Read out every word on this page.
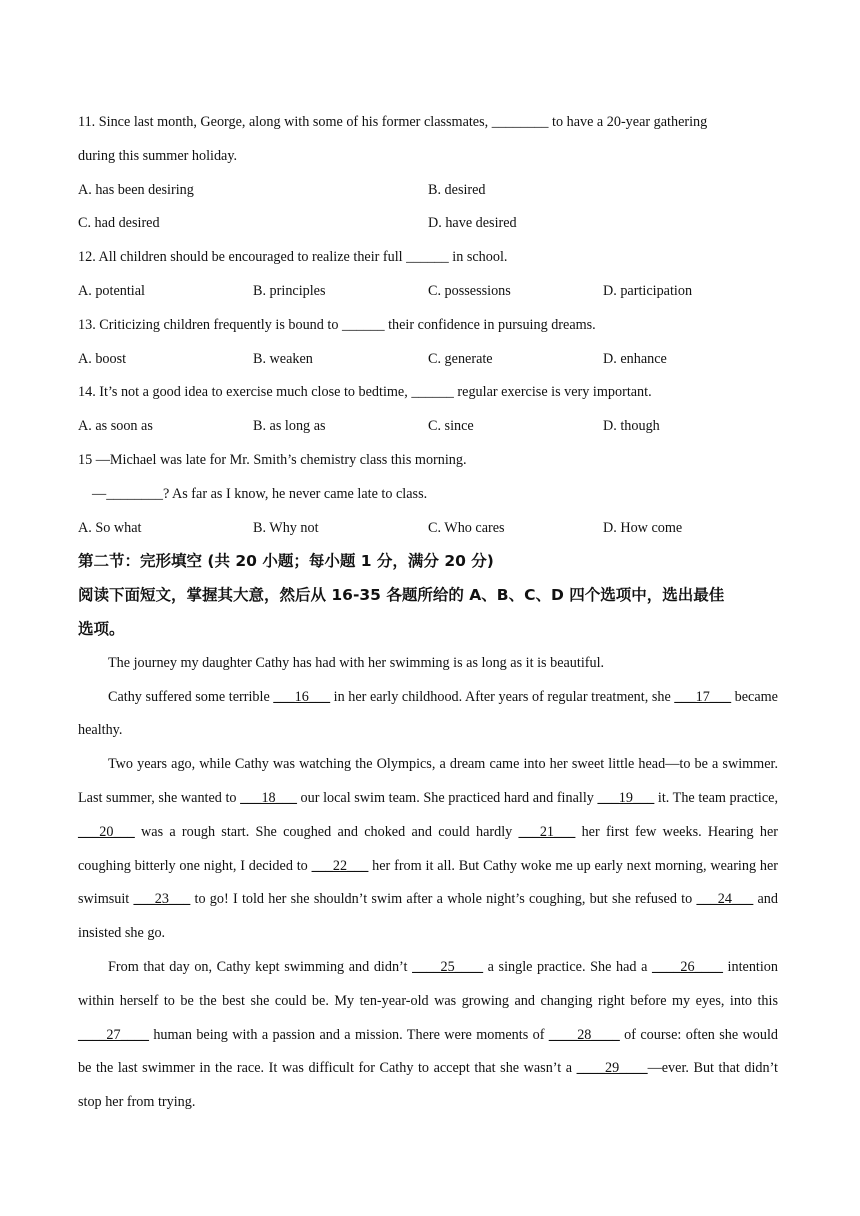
11. Since last month, George, along with some of his former classmates, ________ to have a 20-year gathering
during this summer holiday.
A. has been desiring	B. desired
C. had desired	D. have desired
12. All children should be encouraged to realize their full ______ in school.
A. potential	B. principles	C. possessions	D. participation
13. Criticizing children frequently is bound to ______ their confidence in pursuing dreams.
A. boost	B. weaken	C. generate	D. enhance
14. It’s not a good idea to exercise much close to bedtime, ______ regular exercise is very important.
A. as soon as	B. as long as	C. since	D. though
15 —Michael was late for Mr. Smith’s chemistry class this morning.
—________? As far as I know, he never came late to class.
A. So what	B. Why not	C. Who cares	D. How come
第二节：完形填空 (共 20 小题；每小题 1 分，满分 20 分)
阅读下面短文，掌握其大意，然后从 16-35 各题所给的 A、B、C、D 四个选项中，选出最佳
选项。

The journey my daughter Cathy has had with her swimming is as long as it is beautiful.

Cathy suffered some terrible ___16___ in her early childhood. After years of regular treatment, she ___17___ became healthy.

Two years ago, while Cathy was watching the Olympics, a dream came into her sweet little head—to be a swimmer. Last summer, she wanted to ___18___ our local swim team. She practiced hard and finally ___19___ it. The team practice, ___20___ was a rough start. She coughed and choked and could hardly ___21___ her first few weeks. Hearing her coughing bitterly one night, I decided to ___22___ her from it all. But Cathy woke me up early next morning, wearing her swimsuit ___23___ to go! I told her she shouldn’t swim after a whole night’s coughing, but she refused to ___24___ and insisted she go.

From that day on, Cathy kept swimming and didn’t ____25____ a single practice. She had a ____26____ intention within herself to be the best she could be. My ten-year-old was growing and changing right before my eyes, into this ____27____ human being with a passion and a mission. There were moments of ____28____ of course: often she would be the last swimmer in the race. It was difficult for Cathy to accept that she wasn’t a ____29____—ever. But that didn’t stop her from trying.
